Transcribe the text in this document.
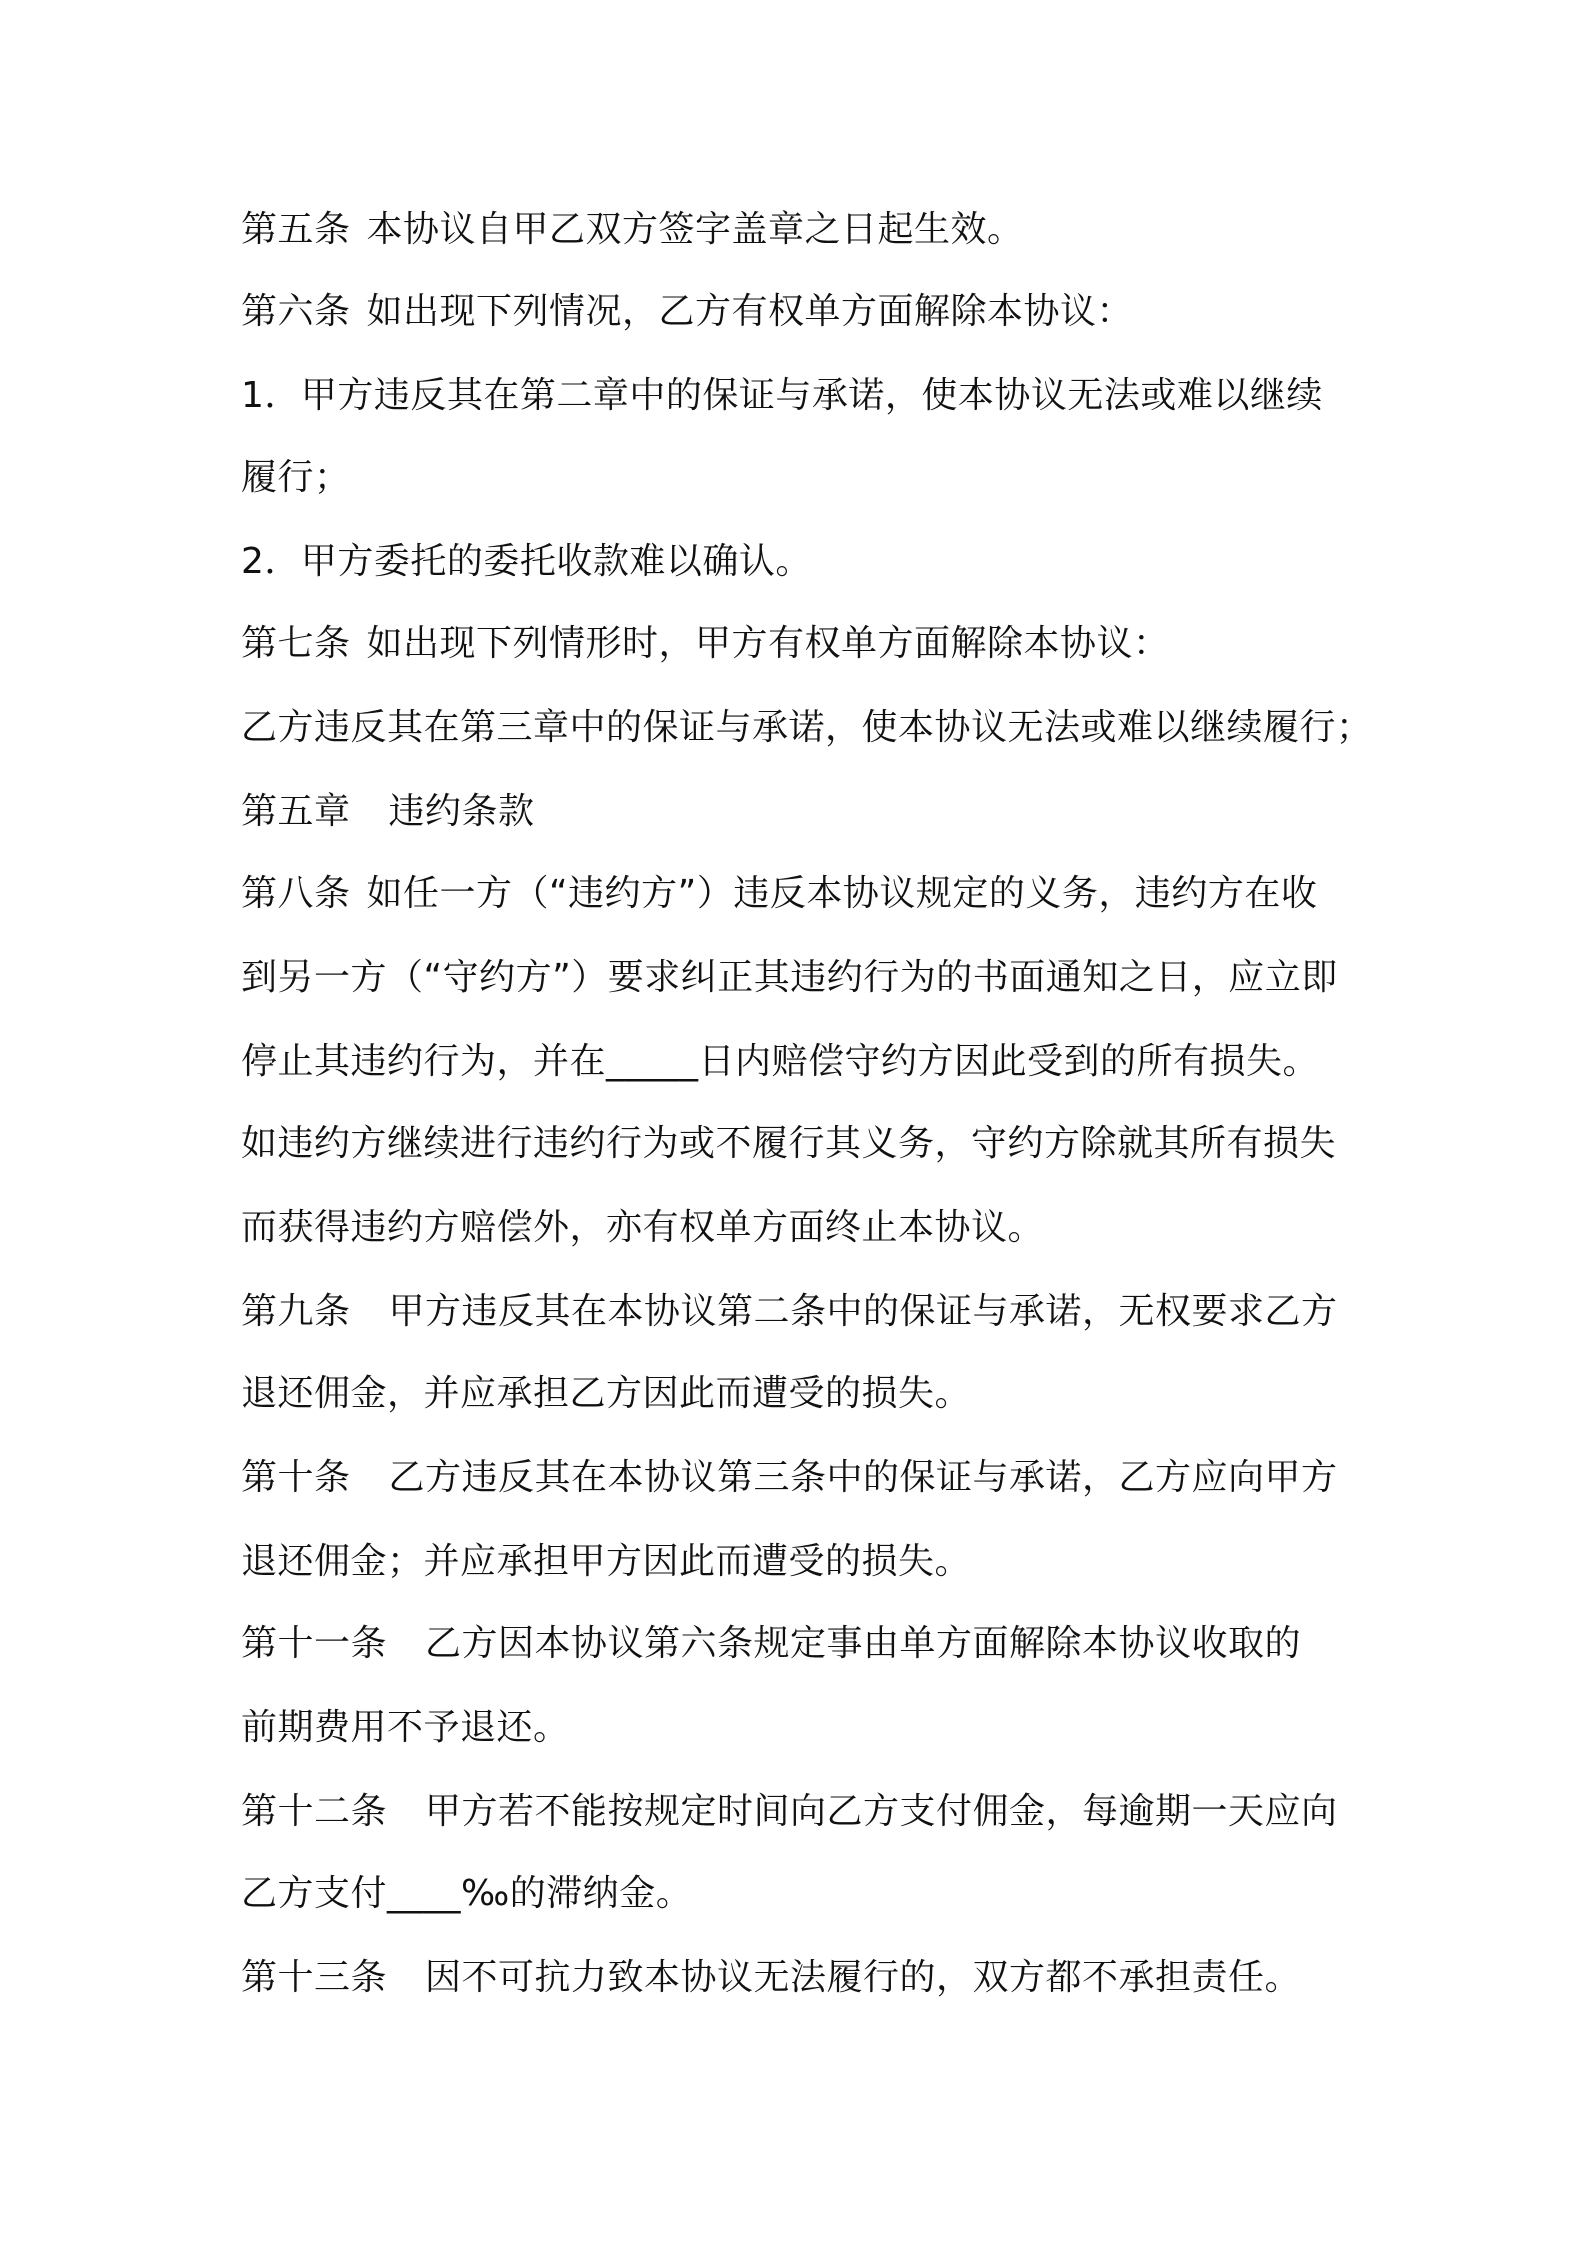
第五条 本协议自甲乙双方签字盖章之日起生效。
第六条 如出现下列情况，乙方有权单方面解除本协议：
1．甲方违反其在第二章中的保证与承诺，使本协议无法或难以继续
履行；
2．甲方委托的委托收款难以确认。
第七条 如出现下列情形时，甲方有权单方面解除本协议：
乙方违反其在第三章中的保证与承诺，使本协议无法或难以继续履行；
第五章 违约条款
第八条 如任一方（“违约方”）违反本协议规定的义务，违约方在收
到另一方（“守约方”）要求纠正其违约行为的书面通知之日，应立即
停止其违约行为，并在_____日内赔偿守约方因此受到的所有损失。
如违约方继续进行违约行为或不履行其义务，守约方除就其所有损失
而获得违约方赔偿外，亦有权单方面终止本协议。
第九条 甲方违反其在本协议第二条中的保证与承诺，无权要求乙方
退还佣金，并应承担乙方因此而遭受的损失。
第十条 乙方违反其在本协议第三条中的保证与承诺，乙方应向甲方
退还佣金；并应承担甲方因此而遭受的损失。
第十一条 乙方因本协议第六条规定事由单方面解除本协议收取的
前期费用不予退还。
第十二条 甲方若不能按规定时间向乙方支付佣金，每逾期一天应向
乙方支付____‰的滞纳金。
第十三条 因不可抗力致本协议无法履行的，双方都不承担责任。
